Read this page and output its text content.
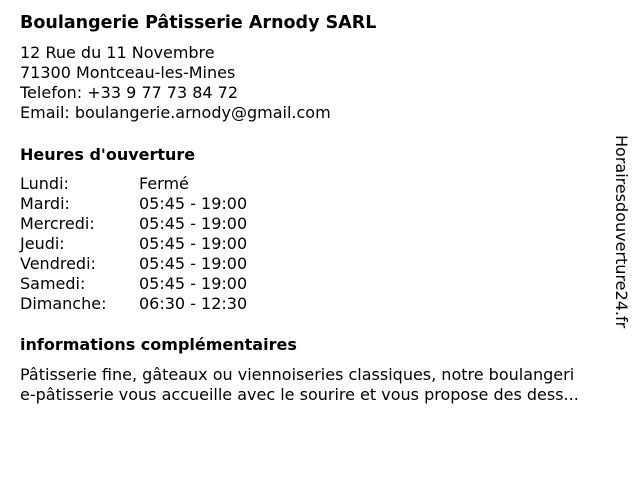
Boulangerie Pâtisserie Arnody SARL
12 Rue du 11 Novembre
71300 Montceau-les-Mines
Telefon: +33 9 77 73 84 72
Email: boulangerie.arnody@gmail.com
Heures d'ouverture
Lundi:	Fermé
Mardi:	05:45 - 19:00
Mercredi:	05:45 - 19:00
Jeudi:	05:45 - 19:00
Vendredi:	05:45 - 19:00
Samedi:	05:45 - 19:00
Dimanche:	06:30 - 12:30
informations complémentaires
Pâtisserie fine, gâteaux ou viennoiseries classiques, notre boulangeri
e-pâtisserie vous accueille avec le sourire et vous propose des dess...
Horairesdouverture24.fr
